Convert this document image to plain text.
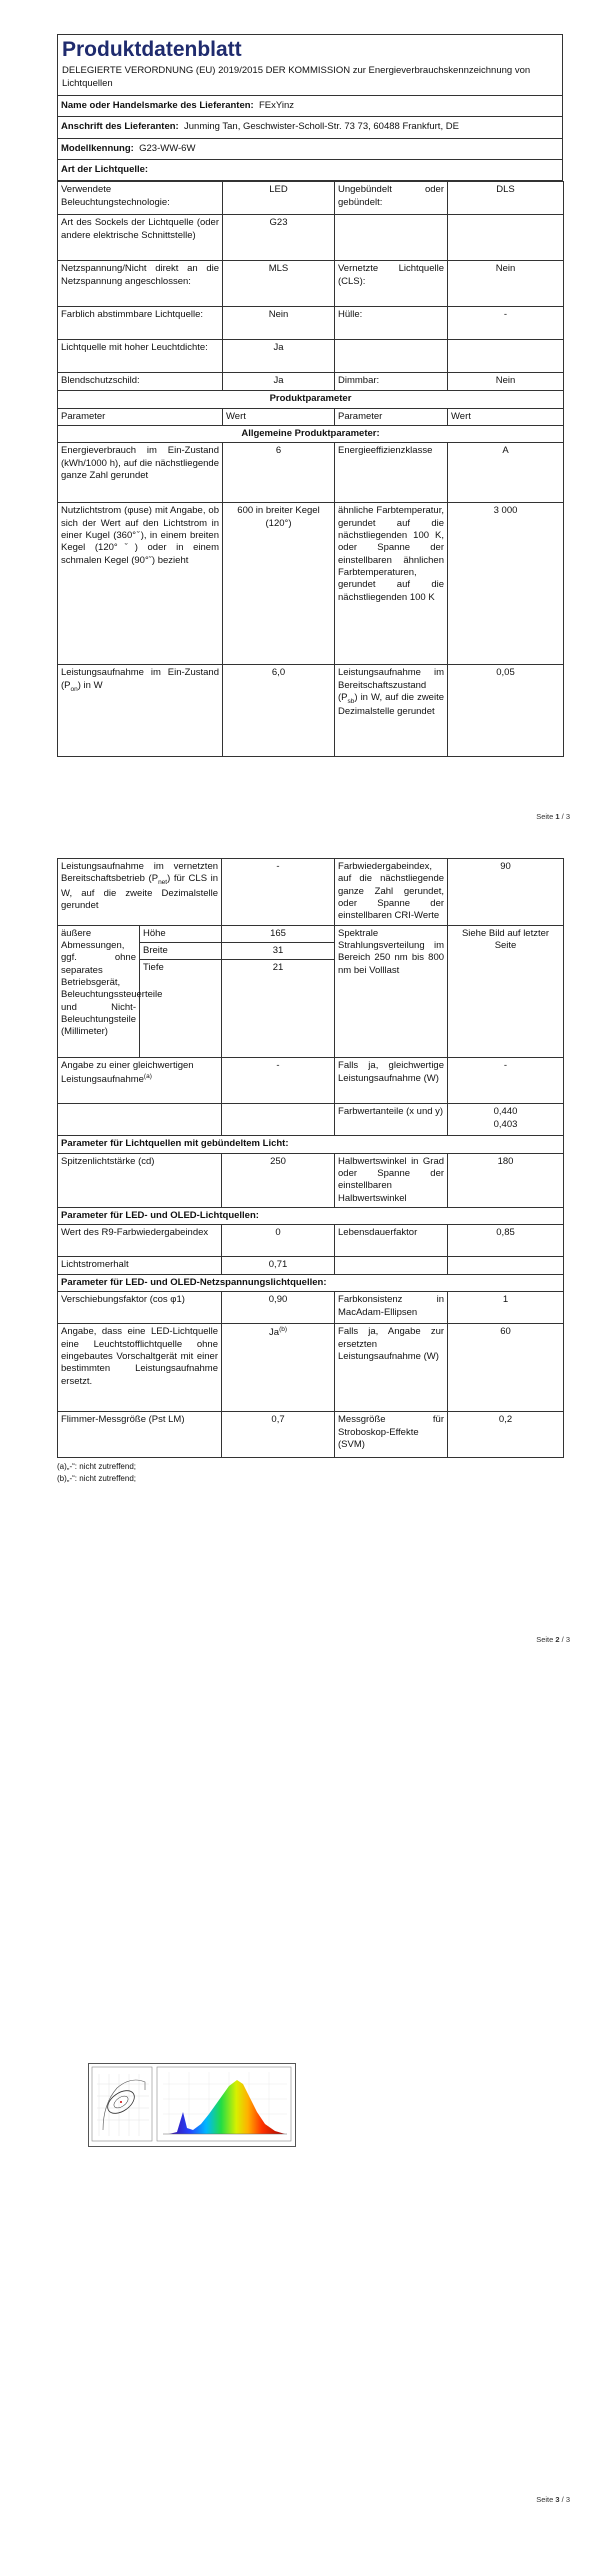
Produktdatenblatt
DELEGIERTE VERORDNUNG (EU) 2019/2015 DER KOMMISSION zur Energieverbrauchskennzeichnung von Lichtquellen
Name oder Handelsmarke des Lieferanten: FExYinz
Anschrift des Lieferanten: Junming Tan, Geschwister-Scholl-Str. 73 73, 60488 Frankfurt, DE
Modellkennung: G23-WW-6W
Art der Lichtquelle:
Verwendete Beleuchtungstechnologie:	LED	Ungebündelt oder gebündelt:	DLS
Art des Sockels der Lichtquelle (oder andere elektrische Schnittstelle)	G23		
Netzspannung/Nicht direkt an die Netzspannung angeschlossen:	MLS	Vernetzte Lichtquelle (CLS):	Nein
Farblich abstimmbare Lichtquelle:	Nein	Hülle:	-
Lichtquelle mit hoher Leuchtdichte:	Ja		
Blendschutzschild:	Ja	Dimmbar:	Nein
Produktparameter			
Parameter	Wert	Parameter	Wert
Allgemeine Produktparameter:			
Energieverbrauch im Ein-Zustand (kWh/1000 h), auf die nächstliegende ganze Zahl gerundet	6	Energieeffizienzklasse	A
Nutzlichtstrom (φuse) mit Angabe, ob sich der Wert auf den Lichtstrom in einer Kugel (360°ˇ), in einem breiten Kegel (120°ˇ) oder in einem schmalen Kegel (90°ˇ) bezieht	600 in breiter Kegel (120°)	ähnliche Farbtemperatur, gerundet auf die nächstliegenden 100 K, oder Spanne der einstellbaren ähnlichen Farbtemperaturen, gerundet auf die nächstliegenden 100 K	3 000
Leistungsaufnahme im Ein-Zustand $(P_{on})$ in W	6,0	Leistungsaufnahme im Bereitschaftszustand $(P_{sb})$ in W, auf die zweite Dezimalstelle gerundet	0,05
Seite 1 / 3
Leistungsaufnahme im vernetzten Bereitschaftsbetrieb $(P_{net})$ für CLS in W, auf die zweite Dezimalstelle gerundet		-	Farbwiedergabeindex, auf die nächstliegende ganze Zahl gerundet, oder Spanne der einstellbaren CRI-Werte	90
äußere Abmessungen, ggf. ohne separates Betriebsgerät, Beleuchtungssteuerteile und Nicht-Beleuchtungsteile (Millimeter)	Höhe	165	Spektrale Strahlungsverteilung im Bereich 250 nm bis 800 nm bei Volllast	Siehe Bild auf letzter Seite
	Breite	31		
	Tiefe	21		
Angabe zu einer gleichwertigen Leistungsaufnahme$^{(a)}$		-	Falls ja, gleichwertige Leistungsaufnahme (W)	-
			Farbwertanteile (x und y)	0,440
0,403

Parameter für Lichtquellen mit gebündeltem Licht:				
Spitzenlichtstärke (cd)		250	Halbwertswinkel in Grad oder Spanne der einstellbaren Halbwertswinkel	180
Parameter für LED- und OLED-Lichtquellen:				
Wert des R9-Farbwiedergabeindex		0	Lebensdauerfaktor	0,85
Lichtstromerhalt		0,71		
Parameter für LED- und OLED-Netzspannungslichtquellen:				
Verschiebungsfaktor (cos φ1)		0,90	Farbkonsistenz in MacAdam-Ellipsen	1
Angabe, dass eine LED-Lichtquelle eine Leuchtstofflichtquelle ohne eingebautes Vorschaltgerät mit einer bestimmten Leistungsaufnahme ersetzt.		Ja$^{(b)}$	Falls ja, Angabe zur ersetzten Leistungsaufnahme (W)	60
Flimmer-Messgröße (Pst LM)		0,7	Messgröße für Stroboskop-Effekte (SVM)	0,2
(a)„-“: nicht zutreffend;
(b)„-“: nicht zutreffend;
Seite 2 / 3
Seite 3 / 3
